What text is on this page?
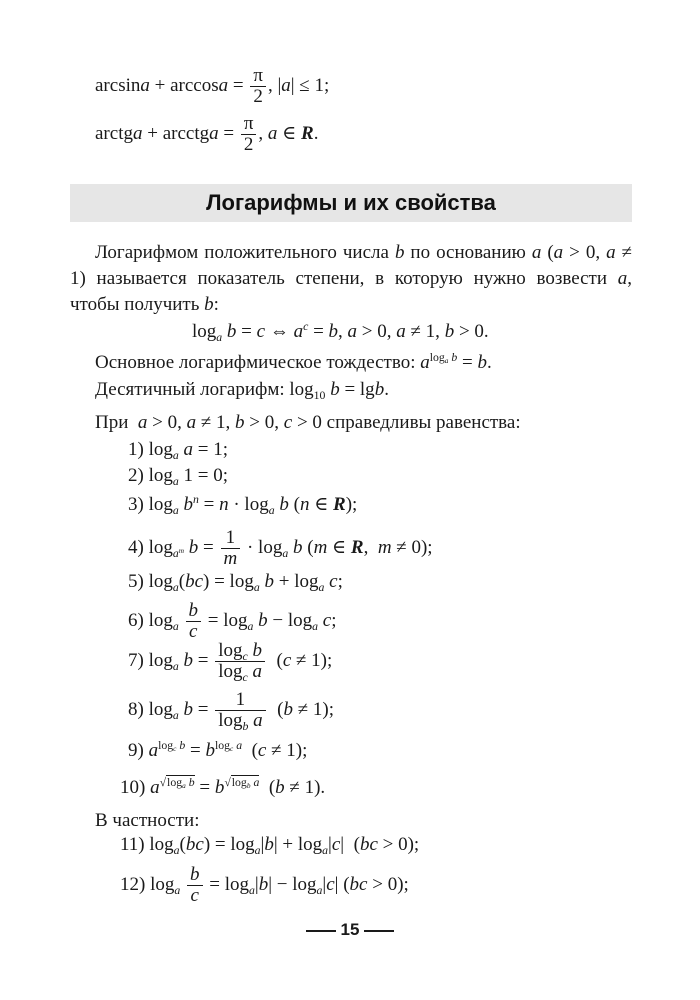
$\arcsin a + \arccos a = \frac{\pi}{2}$ , |a| ≤ 1;
arctga + arcctga = $\frac{\pi}{2}$ , a ∈ R.
Логарифмы и их свойства
Логарифмом положительного числа b по основанию a (a > 0, a ≠ 1) называется показатель степени, в которую нужно возвести a, чтобы получить b:
$\log_a b = c$ ⇔ $a^c = b$, a > 0, a ≠ 1, b > 0.
Основное логарифмическое тождество: $a^{log_a b} = b$.
Десятичный логарифм: $\log_{10} b = \lg b$.
При a > 0, a ≠ 1, b > 0, c > 0 справедливы равенства:
1) $\log_a a = 1$;
2) $\log_a 1 = 0$;
3) $\log_a b^n = n \cdot \log_a b$ (n ∈ R);
4) $\log_{a^m} b = \frac{1}{m} \cdot \log_a b$ (m ∈ R,  m ≠ 0);
5) $\log_a(bc) = \log_a b + \log_a c$;
6) $\log_a \frac{b}{c} = \log_a b - \log_a c$;
7) $\log_a b = \frac{\log_c b}{\log_c a} (c \ne 1)$;
8) $\log_a b = \frac{1}{\log_b a} (b \ne 1)$;
9) $a^{log_c b} = b^{log_c a}$  (c ≠ 1);
10) $a^{√log_a b} = b^{√log_b a}$  (b ≠ 1).
В частности:
11) $\log_a(bc) = \log_a|b| + \log_a|c|$  (bc > 0);
12) $\log_a \frac{b}{c} = \log_a|b| - \log_a|c|$ (bc > 0);
15
